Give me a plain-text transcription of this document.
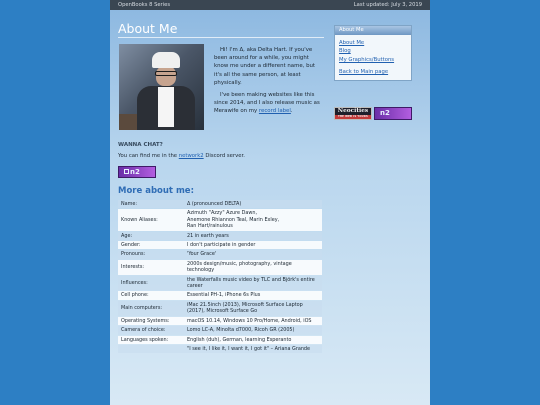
OpenBooks 8 Series	Last updated: July 3, 2019
About Me

Hi! I'm Δ, aka Delta Hart. If you've been around for a while, you might know me under a different name, but it's all the same person, at least physically.

I've been making websites like this since 2014, and I also release music as Merawife on my record label.

WANNA CHAT?
You can find me in the network2 Discord server.
n2
More about me:
Name:	Δ (pronounced DELTA)
Known Aliases:	Azimuth "Azzy" Azure Dawn,
Anemone Rhiannon Teal, Marin Exley,
Ran Hart/rainulous
Age:	21 in earth years
Gender:	I don't participate in gender
Pronouns:	'Your Grace'
Interests:	2000s design/music, photography, vintage technology
Influences:	the Waterfalls music video by TLC and Björk's entire career
Cell phone:	Essential PH-1, iPhone 6s Plus
Main computers:	iMac 21.5inch (2013), Microsoft Surface Laptop (2017), Microsoft Surface Go
Operating Systems:	macOS 10.14, Windows 10 Pro/Home, Android, iOS
Camera of choice:	Lomo LC-A, Minolta d7000, Ricoh GR (2005)
Languages spoken:	English (duh), German, learning Esperanto
	"I see it, I like it, I want it, I got it" – Ariana Grande
About Me
About Me
Blog
My Graphics/Buttons
Back to Main page
Neocities
THE WEB IS YOURS	n2
